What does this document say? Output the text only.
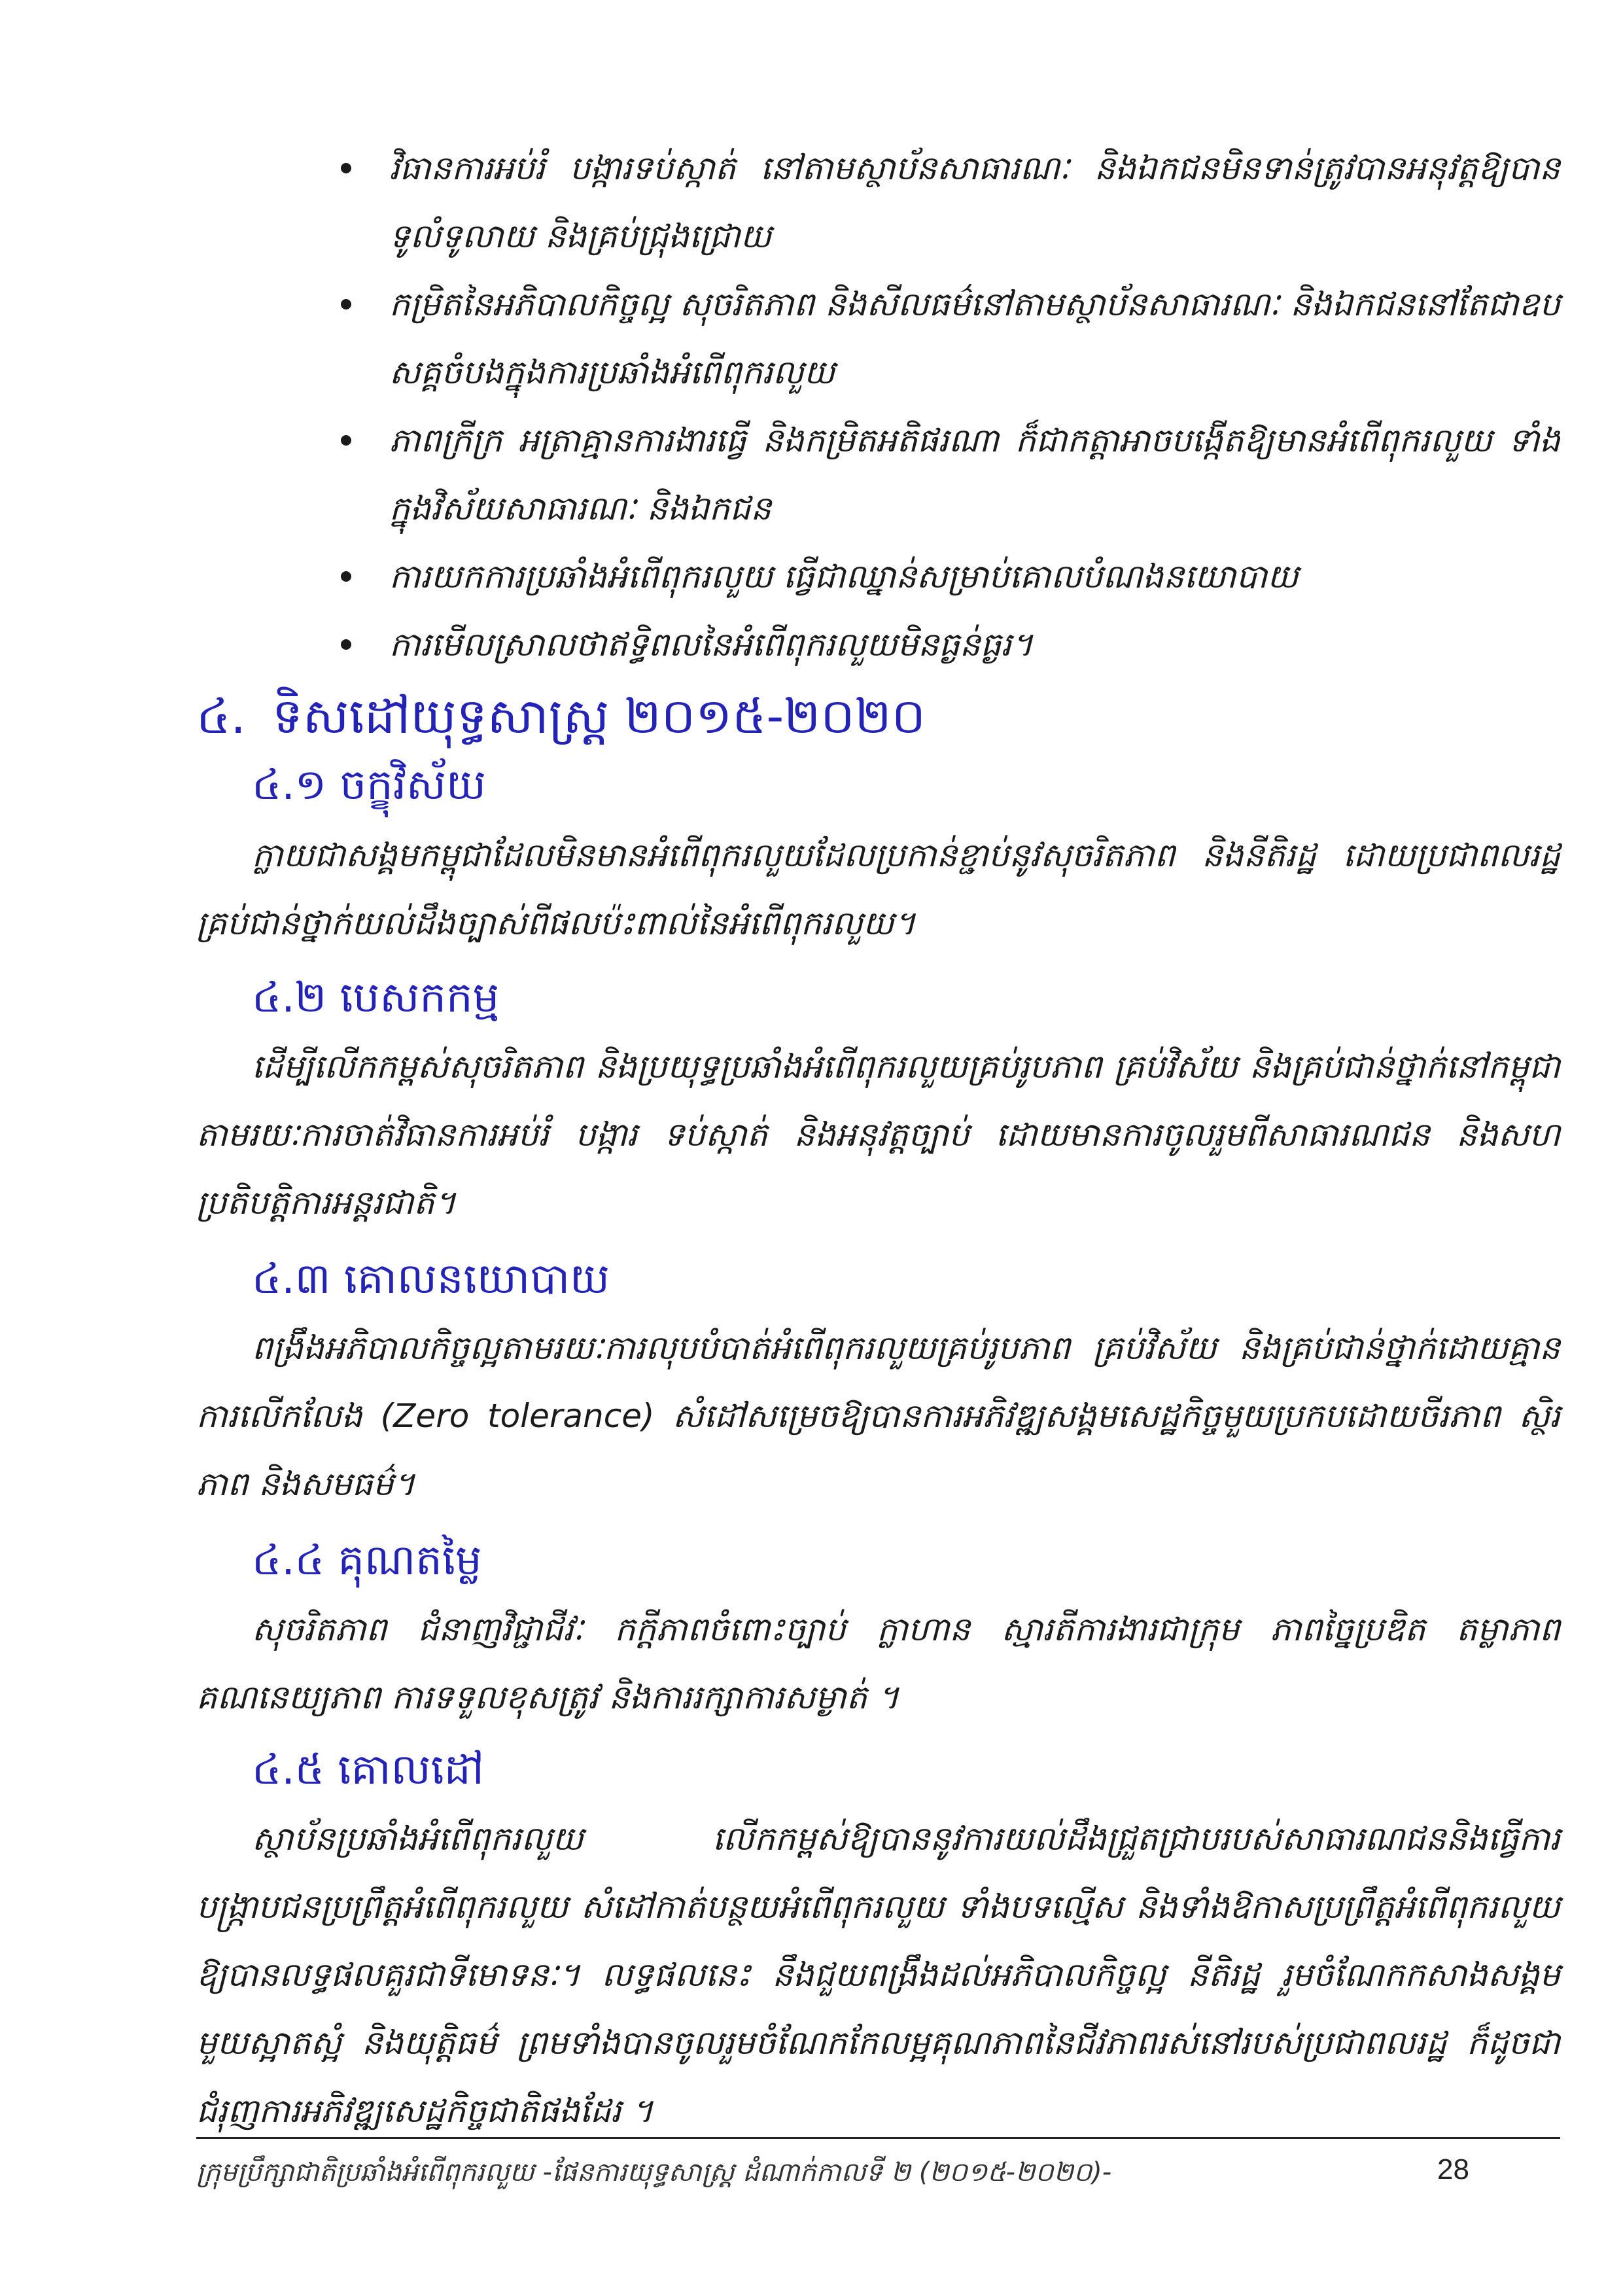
វិធានការអប់រំ បង្ការទប់ស្កាត់ នៅតាមស្ថាប័នសាធារណៈ និងឯកជនមិនទាន់ត្រូវបានអនុវត្តឱ្យបានទូលំទូលាយ និងគ្រប់ជ្រុងជ្រោយ
កម្រិតនៃអភិបាលកិច្ចល្អ សុចរិតភាព និងសីលធម៌នៅតាមស្ថាប័នសាធារណៈ និងឯកជននៅតែជាឧបសគ្គចំបងក្នុងការប្រឆាំងអំពើពុករលួយ
ភាពក្រីក្រ អត្រាគ្មានការងារធ្វើ និងកម្រិតអតិផរណា ក៏ជាកត្តាអាចបង្កើតឱ្យមានអំពើពុករលួយ ទាំងក្នុងវិស័យសាធារណៈ និងឯកជន
ការយកការប្រឆាំងអំពើពុករលួយ ធ្វើជាឈ្នាន់សម្រាប់គោលបំណងនយោបាយ
ការមើលស្រាលថាឥទ្ធិពលនៃអំពើពុករលួយមិនធ្ងន់ធ្ងរ។
៤. ទិសដៅយុទ្ធសាស្ត្រ ២០១៥-២០២០
៤.១ ចក្ខុវិស័យ

ក្លាយជាសង្គមកម្ពុជាដែលមិនមានអំពើពុករលួយដែលប្រកាន់ខ្ជាប់នូវសុចរិតភាព និងនីតិរដ្ឋ ដោយប្រជាពលរដ្ឋគ្រប់ជាន់ថ្នាក់យល់ដឹងច្បាស់ពីផលប៉ះពាល់នៃអំពើពុករលួយ។

៤.២ បេសកកម្ម

ដើម្បីលើកកម្ពស់សុចរិតភាព និងប្រយុទ្ធប្រឆាំងអំពើពុករលួយគ្រប់រូបភាព គ្រប់វិស័យ និងគ្រប់ជាន់ថ្នាក់នៅកម្ពុជា តាមរយៈការចាត់វិធានការអប់រំ បង្ការ ទប់ស្កាត់ និងអនុវត្តច្បាប់ ដោយមានការចូលរួមពីសាធារណជន និងសហប្រតិបត្តិការអន្តរជាតិ។

៤.៣ គោលនយោបាយ

ពង្រឹងអភិបាលកិច្ចល្អតាមរយៈការលុបបំបាត់អំពើពុករលួយគ្រប់រូបភាព គ្រប់វិស័យ និងគ្រប់ជាន់ថ្នាក់ដោយគ្មានការលើកលែង (Zero tolerance) សំដៅសម្រេចឱ្យបានការអភិវឌ្ឍសង្គមសេដ្ឋកិច្ចមួយប្រកបដោយចីរភាព ស្ថិរភាព និងសមធម៌។

៤.៤ គុណតម្លៃ

សុចរិតភាព ជំនាញវិជ្ជាជីវៈ កក្តីភាពចំពោះច្បាប់ ក្លាហាន ស្មារតីការងារជាក្រុម ភាពច្នៃប្រឌិត តម្លាភាព គណនេយ្យភាព ការទទួលខុសត្រូវ និងការរក្សាការសម្ងាត់ ។

៤.៥ គោលដៅ

ស្ថាប័នប្រឆាំងអំពើពុករលួយ លើកកម្ពស់ឱ្យបាននូវការយល់ដឹងជ្រួតជ្រាបរបស់សាធារណជននិងធ្វើការបង្ក្រាបជនប្រព្រឹត្តអំពើពុករលួយ សំដៅកាត់បន្ថយអំពើពុករលួយ ទាំងបទល្មើស និងទាំងឱកាសប្រព្រឹត្តអំពើពុករលួយ ឱ្យបានលទ្ធផលគួរជាទីមោទនៈ។ លទ្ធផលនេះ នឹងជួយពង្រឹងដល់អភិបាលកិច្ចល្អ នីតិរដ្ឋ រួមចំណែកកសាងសង្គមមួយស្អាតស្អំ និងយុត្តិធម៌ ព្រមទាំងបានចូលរួមចំណែកកែលម្អគុណភាពនៃជីវភាពរស់នៅរបស់ប្រជាពលរដ្ឋ ក៏ដូចជាជំរុញការអភិវឌ្ឍសេដ្ឋកិច្ចជាតិផងដែរ ។

ក្រុមប្រឹក្សាជាតិប្រឆាំងអំពើពុករលួយ -ផែនការយុទ្ធសាស្ត្រ ដំណាក់កាលទី ២ (២០១៥-២០២០)-	28
